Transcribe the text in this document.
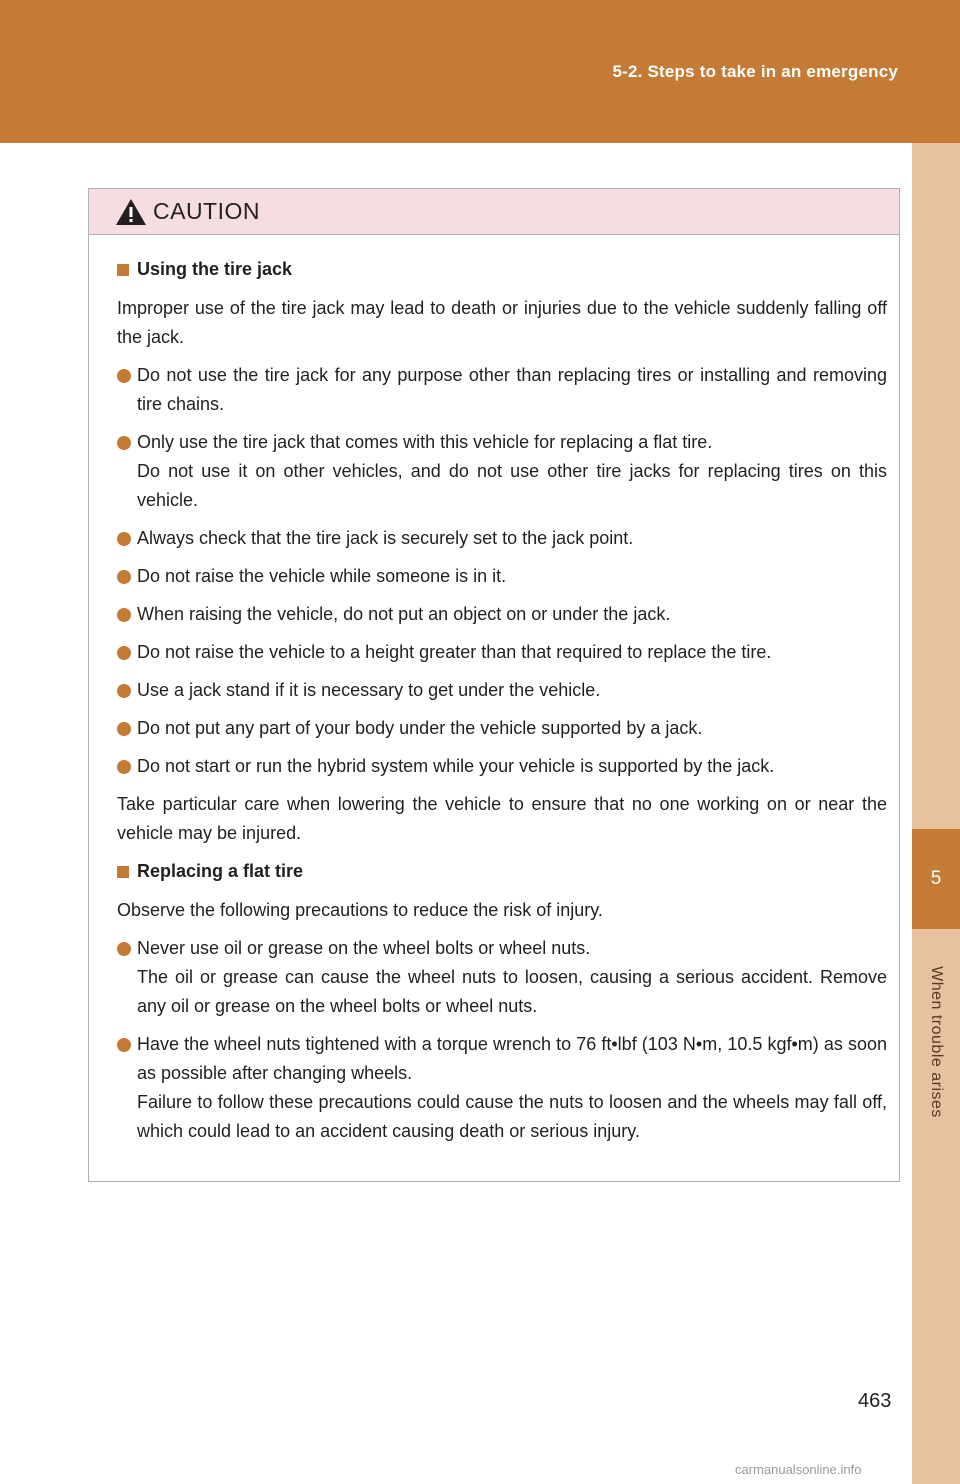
5-2. Steps to take in an emergency
5
When trouble arises
CAUTION
Using the tire jack
Improper use of the tire jack may lead to death or injuries due to the vehicle suddenly falling off the jack.
Do not use the tire jack for any purpose other than replacing tires or installing and removing tire chains.
Only use the tire jack that comes with this vehicle for replacing a flat tire.
Do not use it on other vehicles, and do not use other tire jacks for replacing tires on this vehicle.
Always check that the tire jack is securely set to the jack point.
Do not raise the vehicle while someone is in it.
When raising the vehicle, do not put an object on or under the jack.
Do not raise the vehicle to a height greater than that required to replace the tire.
Use a jack stand if it is necessary to get under the vehicle.
Do not put any part of your body under the vehicle supported by a jack.
Do not start or run the hybrid system while your vehicle is supported by the jack.
Take particular care when lowering the vehicle to ensure that no one working on or near the vehicle may be injured.
Replacing a flat tire
Observe the following precautions to reduce the risk of injury.
Never use oil or grease on the wheel bolts or wheel nuts.
The oil or grease can cause the wheel nuts to loosen, causing a serious accident. Remove any oil or grease on the wheel bolts or wheel nuts.
Have the wheel nuts tightened with a torque wrench to 76 ft•lbf (103 N•m, 10.5 kgf•m) as soon as possible after changing wheels.
Failure to follow these precautions could cause the nuts to loosen and the wheels may fall off, which could lead to an accident causing death or serious injury.
463
carmanualsonline.info
